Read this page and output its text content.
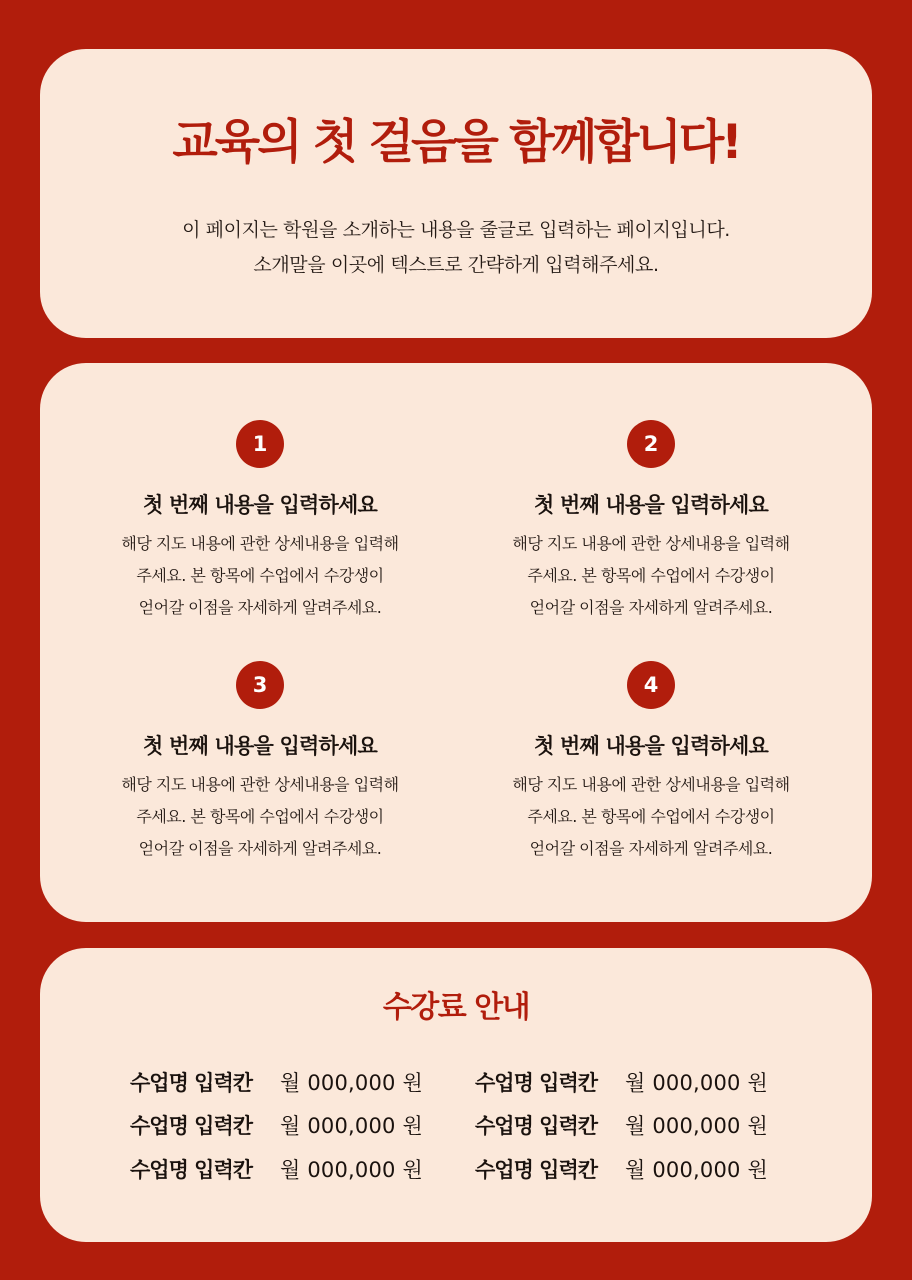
교육의 첫 걸음을 함께합니다!
이 페이지는 학원을 소개하는 내용을 줄글로 입력하는 페이지입니다.
소개말을 이곳에 텍스트로 간략하게 입력해주세요.
1
첫 번째 내용을 입력하세요
해당 지도 내용에 관한 상세내용을 입력해
주세요. 본 항목에 수업에서 수강생이
얻어갈 이점을 자세하게 알려주세요.
2
첫 번째 내용을 입력하세요
해당 지도 내용에 관한 상세내용을 입력해
주세요. 본 항목에 수업에서 수강생이
얻어갈 이점을 자세하게 알려주세요.
3
첫 번째 내용을 입력하세요
해당 지도 내용에 관한 상세내용을 입력해
주세요. 본 항목에 수업에서 수강생이
얻어갈 이점을 자세하게 알려주세요.
4
첫 번째 내용을 입력하세요
해당 지도 내용에 관한 상세내용을 입력해
주세요. 본 항목에 수업에서 수강생이
얻어갈 이점을 자세하게 알려주세요.
수강료 안내
수업명 입력칸 월 000,000 원 수업명 입력칸 월 000,000 원
수업명 입력칸 월 000,000 원 수업명 입력칸 월 000,000 원
수업명 입력칸 월 000,000 원 수업명 입력칸 월 000,000 원
